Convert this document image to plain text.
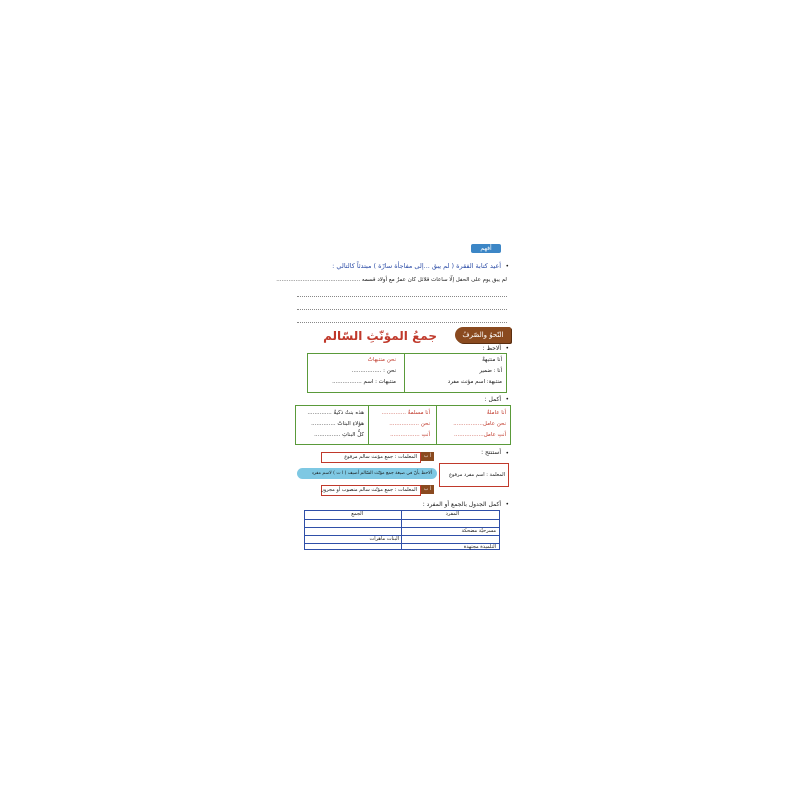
أفهم
•
أعيد كتابة الفقرة ( لم يبق ...إلى مفاجأة سارّة ) مبتدئاً كالتالي :
لم يبق يوم على الحفل إلّا ساعات قلائل كان عمرُ مع أولاد قسمه ................................................
النّحوُ والصّرفُ
جمعُ المؤنّثِ السّالم
•
ألاحظ :
أنا منتبهةٌ
أنا : ضمير
منتبهة: اسم مؤنث مفرد
نحن منتبهاتٌ
نحن : .................
منتبهات : اسم .................
•
أكمل :
أنا عاملةٌ
نحن عامل.................
أنتِ عامل.................
أنا مسلمةٌ ..............
نحن .................
أنتِ .................
هذه بنتٌ ذكيةٌ ..............
هؤلاءِ البناتُ ..............
كلُّ البناتِ ...............
•
أستنتج :
أ ب
المعلمات : جمع مؤنث سالم مرفوع
المعلمة : اسم مفرد مرفوع
ألاحظ بأنّ في صيغة جمع مؤنّث السّالم أضيف ( ا ت ) لاسم مفرد
أ ب
المعلمات : جمع مؤنّث سالم منصوب أو مجرور
•
أكمل الجدول بالجمع أو المفرد :
المفرد
الجمع
مسرحيّة مضحكة
البنات ماهرات
التلميذة مجتهدة
